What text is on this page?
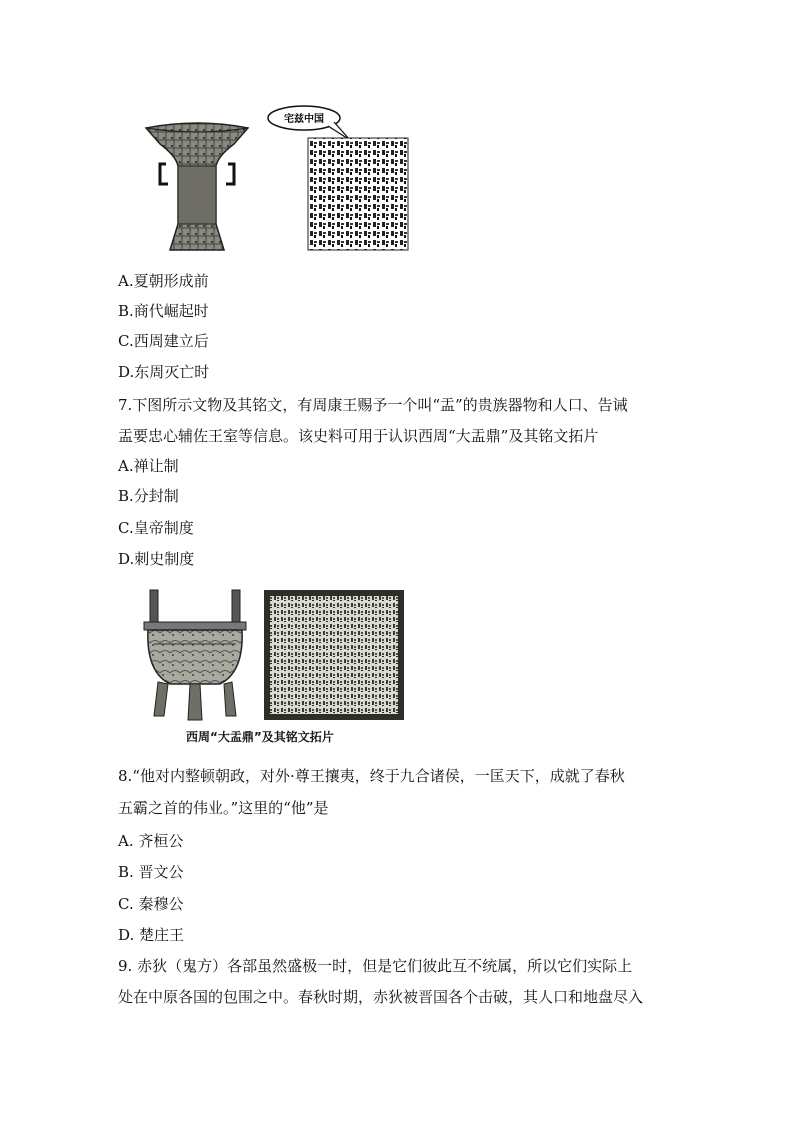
宅兹中国
A.夏朝形成前
B.商代崛起时
C.西周建立后
D.东周灭亡时
7.下图所示文物及其铭文，有周康王赐予一个叫“盂”的贵族器物和人口、告诫
盂要忠心辅佐王室等信息。该史料可用于认识西周“大盂鼎”及其铭文拓片
A.禅让制
B.分封制
C.皇帝制度
D.刺史制度
西周“大盂鼎”及其铭文拓片
8.“他对内整顿朝政，对外·尊王攘夷，终于九合诸侯，一匡天下，成就了春秋
五霸之首的伟业。”这里的“他”是
A. 齐桓公
B. 晋文公
C. 秦穆公
D. 楚庄王
9. 赤狄（鬼方）各部虽然盛极一时，但是它们彼此互不统属，所以它们实际上
处在中原各国的包围之中。春秋时期，赤狄被晋国各个击破，其人口和地盘尽入
